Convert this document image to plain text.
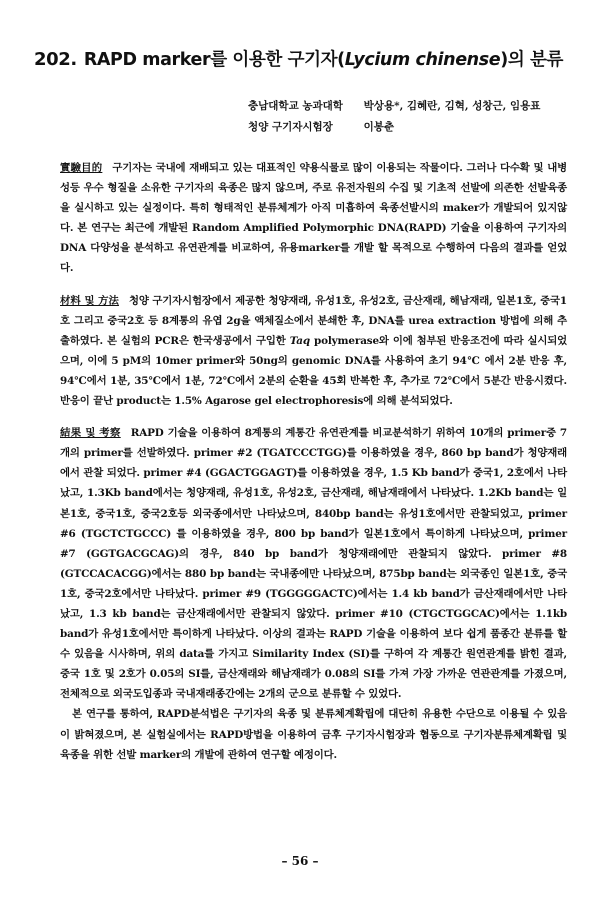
202. RAPD marker를 이용한 구기자(Lycium chinense)의 분류
충남대학교 농과대학 박상용*, 김혜란, 김혁, 성창근, 임용표
청양 구기자시험장	이봉춘

實驗目的 구기자는 국내에 재배되고 있는 대표적인 약용식물로 많이 이용되는 작물이다. 그러나 다수확 및 내병성등 우수 형질을 소유한 구기자의 육종은 많지 않으며, 주로 유전자원의 수집 및 기초적 선발에 의존한 선발육종을 실시하고 있는 실정이다. 특히 형태적인 분류체계가 아직 미흡하여 육종선발시의 maker가 개발되어 있지않다. 본 연구는 최근에 개발된 Random Amplified Polymorphic DNA(RAPD) 기술을 이용하여 구기자의 DNA 다양성을 분석하고 유연관계를 비교하여, 유용marker를 개발 할 목적으로 수행하여 다음의 결과를 얻었다.

材料 및 方法 청양 구기자시험장에서 제공한 청양재래, 유성1호, 유성2호, 금산재래, 해남재래, 일본1호, 중국1호 그리고 중국2호 등 8계통의 유엽 2g을 액체질소에서 분쇄한 후, DNA를 urea extraction 방법에 의해 추출하였다. 본 실험의 PCR은 한국생공에서 구입한 Taq polymerase와 이에 첨부된 반응조건에 따라 실시되었으며, 이에 5 pM의 10mer primer와 50ng의 genomic DNA를 사용하여 초기 94℃ 에서 2분 반응 후, 94℃에서 1분, 35℃에서 1분, 72℃에서 2분의 순환을 45회 반복한 후, 추가로 72℃에서 5분간 반응시켰다. 반응이 끝난 product는 1.5% Agarose gel electrophoresis에 의해 분석되었다.

結果 및 考察 RAPD 기술을 이용하여 8계통의 계통간 유연관계를 비교분석하기 위하여 10개의 primer중 7개의 primer를 선발하였다. primer #2 (TGATCCCTGG)를 이용하였을 경우, 860 bp band가 청양재래에서 관찰 되었다. primer #4 (GGACTGGAGT)를 이용하였을 경우, 1.5 Kb band가 중국1, 2호에서 나타났고, 1.3Kb band에서는 청양재래, 유성1호, 유성2호, 금산재래, 해남재래에서 나타났다. 1.2Kb band는 일본1호, 중국1호, 중국2호등 외국종에서만 나타났으며, 840bp band는 유성1호에서만 관찰되었고, primer #6 (TGCTCTGCCC) 를 이용하였을 경우, 800 bp band가 일본1호에서 특이하게 나타났으며, primer #7 (GGTGACGCAG)의 경우, 840 bp band가 청양재래에만 관찰되지 않았다. primer #8 (GTCCACACGG)에서는 880 bp band는 국내종에만 나타났으며, 875bp band는 외국종인 일본1호, 중국1호, 중국2호에서만 나타났다. primer #9 (TGGGGGACTC)에서는 1.4 kb band가 금산재래에서만 나타났고, 1.3 kb band는 금산재래에서만 관찰되지 않았다. primer #10 (CTGCTGGCAC)에서는 1.1kb band가 유성1호에서만 특이하게 나타났다. 이상의 결과는 RAPD 기술을 이용하여 보다 쉽게 품종간 분류를 할 수 있음을 시사하며, 위의 data를 가지고 Similarity Index (SI)를 구하여 각 계통간 원연관계를 밝힌 결과, 중국 1호 및 2호가 0.05의 SI를, 금산재래와 해남재래가 0.08의 SI를 가져 가장 가까운 연관관계를 가졌으며, 전체적으로 외국도입종과 국내재래종간에는 2개의 군으로 분류할 수 있었다.

본 연구를 통하여, RAPD분석법은 구기자의 육종 및 분류체계확립에 대단히 유용한 수단으로 이용될 수 있음이 밝혀졌으며, 본 실험실에서는 RAPD방법을 이용하여 금후 구기자시험장과 협동으로 구기자분류체계확립 및 육종을 위한 선발 marker의 개발에 관하여 연구할 예정이다.

– 56 –
